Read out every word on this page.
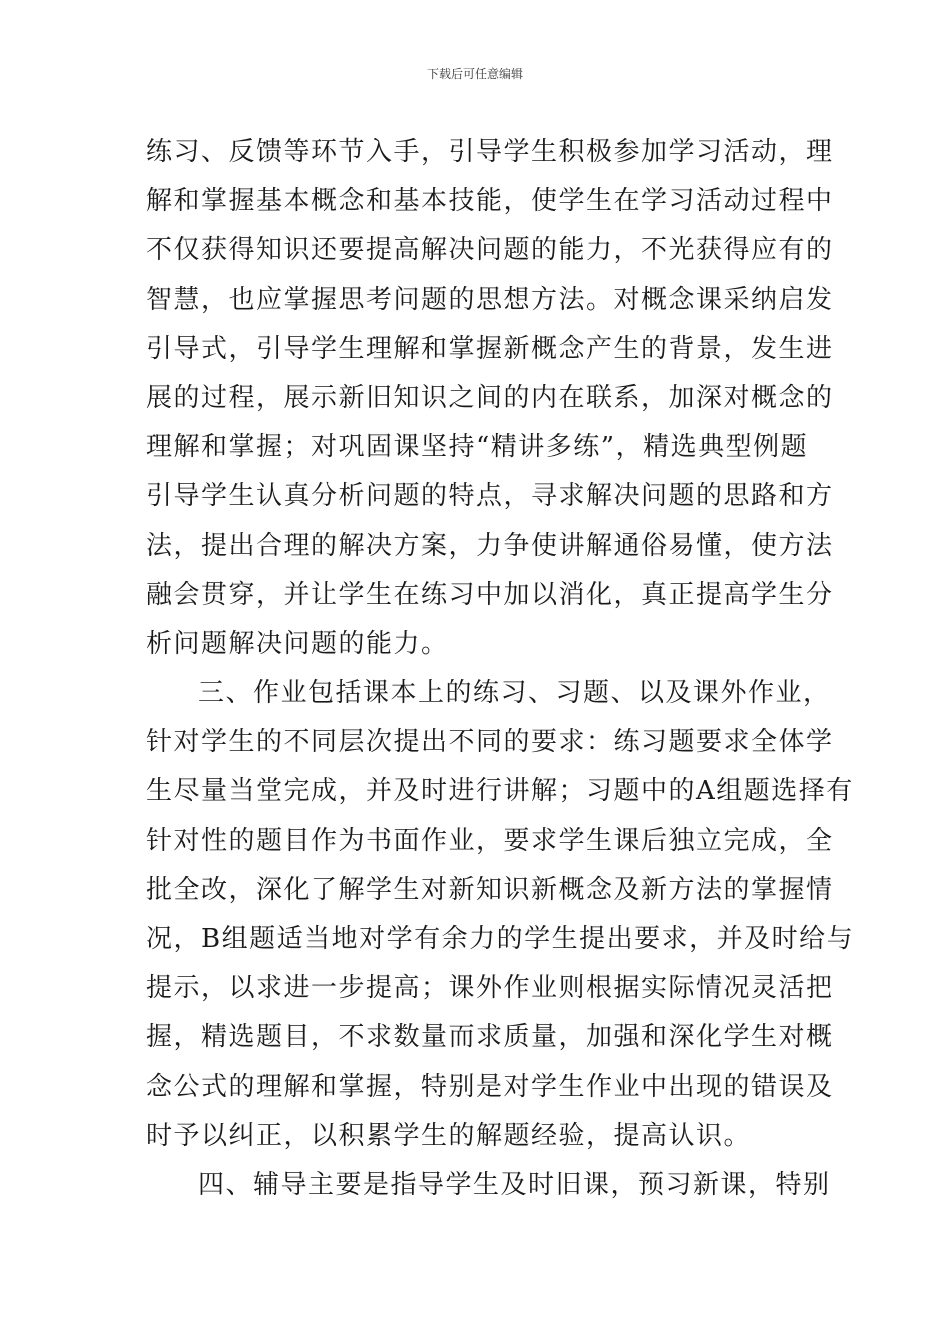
下载后可任意编辑
练习、反馈等环节入手，引导学生积极参加学习活动，理
解和掌握基本概念和基本技能，使学生在学习活动过程中
不仅获得知识还要提高解决问题的能力，不光获得应有的
智慧，也应掌握思考问题的思想方法。对概念课采纳启发
引导式，引导学生理解和掌握新概念产生的背景，发生进
展的过程，展示新旧知识之间的内在联系，加深对概念的
理解和掌握；对巩固课坚持“精讲多练”，精选典型例题
引导学生认真分析问题的特点，寻求解决问题的思路和方
法，提出合理的解决方案，力争使讲解通俗易懂，使方法
融会贯穿，并让学生在练习中加以消化，真正提高学生分
析问题解决问题的能力。
三、作业包括课本上的练习、习题、以及课外作业，
针对学生的不同层次提出不同的要求：练习题要求全体学
生尽量当堂完成，并及时进行讲解；习题中的A组题选择有
针对性的题目作为书面作业，要求学生课后独立完成，全
批全改，深化了解学生对新知识新概念及新方法的掌握情
况，B组题适当地对学有余力的学生提出要求，并及时给与
提示，以求进一步提高；课外作业则根据实际情况灵活把
握，精选题目，不求数量而求质量，加强和深化学生对概
念公式的理解和掌握，特别是对学生作业中出现的错误及
时予以纠正，以积累学生的解题经验，提高认识。
四、辅导主要是指导学生及时旧课，预习新课，特别
